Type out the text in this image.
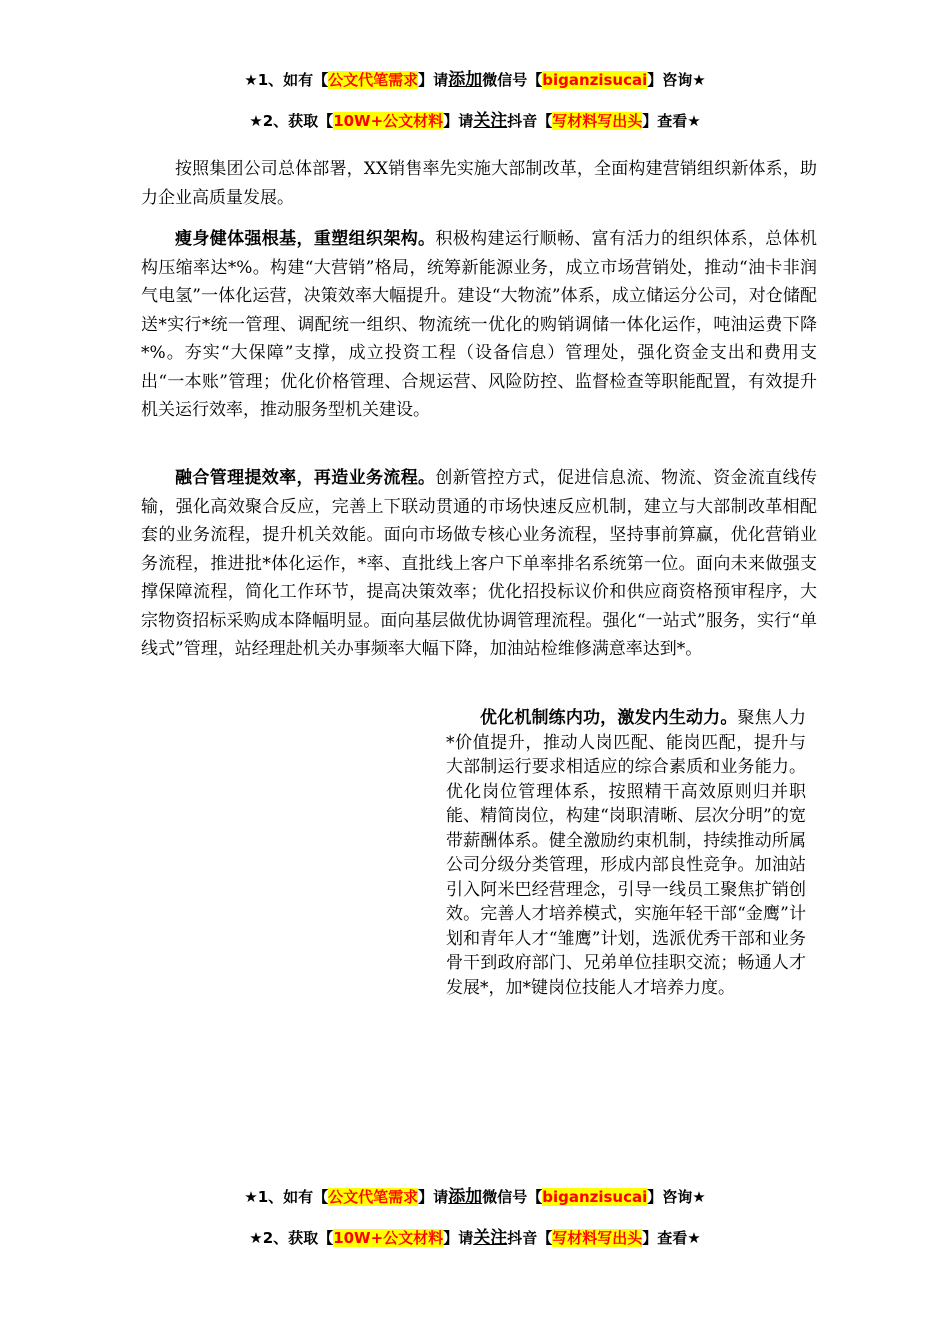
★1、如有【公文代笔需求】请添加微信号【biganzisucai】咨询★
★2、获取【10W+公文材料】请关注抖音【写材料写出头】查看★

按照集团公司总体部署，XX销售率先实施大部制改革，全面构建营销组织新体系，助力企业高质量发展。

瘦身健体强根基，重塑组织架构。积极构建运行顺畅、富有活力的组织体系，总体机构压缩率达*%。构建“大营销”格局，统筹新能源业务，成立市场营销处，推动“油卡非润气电氢”一体化运营，决策效率大幅提升。建设“大物流”体系，成立储运分公司，对仓储配送*实行*统一管理、调配统一组织、物流统一优化的购销调储一体化运作，吨油运费下降*%。夯实“大保障”支撑，成立投资工程（设备信息）管理处，强化资金支出和费用支出“一本账”管理；优化价格管理、合规运营、风险防控、监督检查等职能配置，有效提升机关运行效率，推动服务型机关建设。

融合管理提效率，再造业务流程。创新管控方式，促进信息流、物流、资金流直线传输，强化高效聚合反应，完善上下联动贯通的市场快速反应机制，建立与大部制改革相配套的业务流程，提升机关效能。面向市场做专核心业务流程，坚持事前算赢，优化营销业务流程，推进批*体化运作，*率、直批线上客户下单率排名系统第一位。面向未来做强支撑保障流程，简化工作环节，提高决策效率；优化招投标议价和供应商资格预审程序，大宗物资招标采购成本降幅明显。面向基层做优协调管理流程。强化“一站式”服务，实行“单线式”管理，站经理赴机关办事频率大幅下降，加油站检维修满意率达到*。

优化机制练内功，激发内生动力。聚焦人力*价值提升，推动人岗匹配、能岗匹配，提升与大部制运行要求相适应的综合素质和业务能力。优化岗位管理体系，按照精干高效原则归并职能、精简岗位，构建“岗职清晰、层次分明”的宽带薪酬体系。健全激励约束机制，持续推动所属公司分级分类管理，形成内部良性竞争。加油站引入阿米巴经营理念，引导一线员工聚焦扩销创效。完善人才培养模式，实施年轻干部“金鹰”计划和青年人才“雏鹰”计划，选派优秀干部和业务骨干到政府部门、兄弟单位挂职交流；畅通人才发展*，加*键岗位技能人才培养力度。

★1、如有【公文代笔需求】请添加微信号【biganzisucai】咨询★
★2、获取【10W+公文材料】请关注抖音【写材料写出头】查看★
